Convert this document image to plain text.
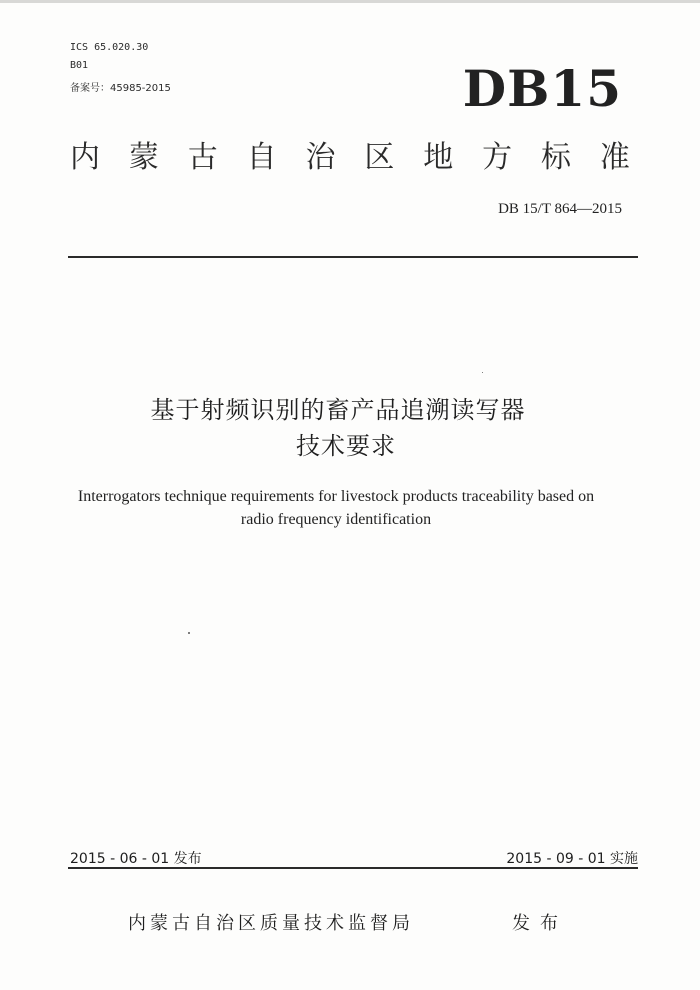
ICS 65.020.30
B01
备案号：45985-2015	DB15
内 蒙 古 自 治 区 地 方 标 准
DB 15/T 864—2015
基于射频识别的畜产品追溯读写器
技术要求
Interrogators technique requirements for livestock products traceability based on
radio frequency identification
2015 - 06 - 01 发布	2015 - 09 - 01 实施
内蒙古自治区质量技术监督局	发布
